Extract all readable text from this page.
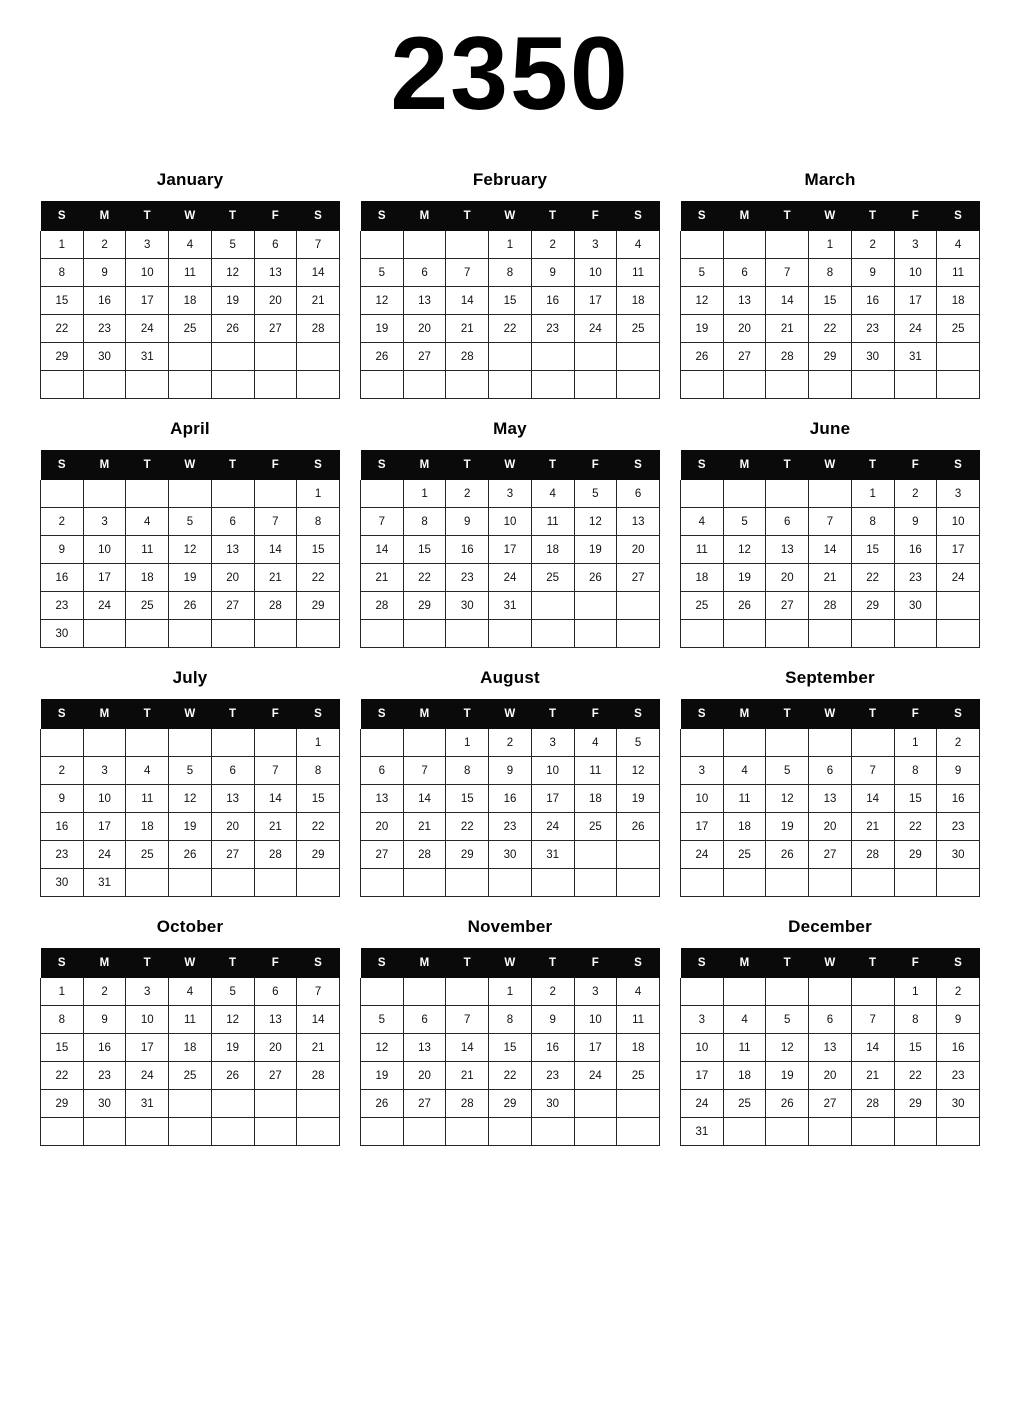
2350
January
S	M	T	W	T	F	S
1	2	3	4	5	6	7
8	9	10	11	12	13	14
15	16	17	18	19	20	21
22	23	24	25	26	27	28
29	30	31				

February
S	M	T	W	T	F	S
			1	2	3	4
5	6	7	8	9	10	11
12	13	14	15	16	17	18
19	20	21	22	23	24	25
26	27	28				

March
S	M	T	W	T	F	S
			1	2	3	4
5	6	7	8	9	10	11
12	13	14	15	16	17	18
19	20	21	22	23	24	25
26	27	28	29	30	31	

April
S	M	T	W	T	F	S
						1
2	3	4	5	6	7	8
9	10	11	12	13	14	15
16	17	18	19	20	21	22
23	24	25	26	27	28	29
30						
May
S	M	T	W	T	F	S
	1	2	3	4	5	6
7	8	9	10	11	12	13
14	15	16	17	18	19	20
21	22	23	24	25	26	27
28	29	30	31			

June
S	M	T	W	T	F	S
				1	2	3
4	5	6	7	8	9	10
11	12	13	14	15	16	17
18	19	20	21	22	23	24
25	26	27	28	29	30	

July
S	M	T	W	T	F	S
						1
2	3	4	5	6	7	8
9	10	11	12	13	14	15
16	17	18	19	20	21	22
23	24	25	26	27	28	29
30	31					
August
S	M	T	W	T	F	S
		1	2	3	4	5
6	7	8	9	10	11	12
13	14	15	16	17	18	19
20	21	22	23	24	25	26
27	28	29	30	31		

September
S	M	T	W	T	F	S
					1	2
3	4	5	6	7	8	9
10	11	12	13	14	15	16
17	18	19	20	21	22	23
24	25	26	27	28	29	30

October
S	M	T	W	T	F	S
1	2	3	4	5	6	7
8	9	10	11	12	13	14
15	16	17	18	19	20	21
22	23	24	25	26	27	28
29	30	31				

November
S	M	T	W	T	F	S
			1	2	3	4
5	6	7	8	9	10	11
12	13	14	15	16	17	18
19	20	21	22	23	24	25
26	27	28	29	30		

December
S	M	T	W	T	F	S
					1	2
3	4	5	6	7	8	9
10	11	12	13	14	15	16
17	18	19	20	21	22	23
24	25	26	27	28	29	30
31						
